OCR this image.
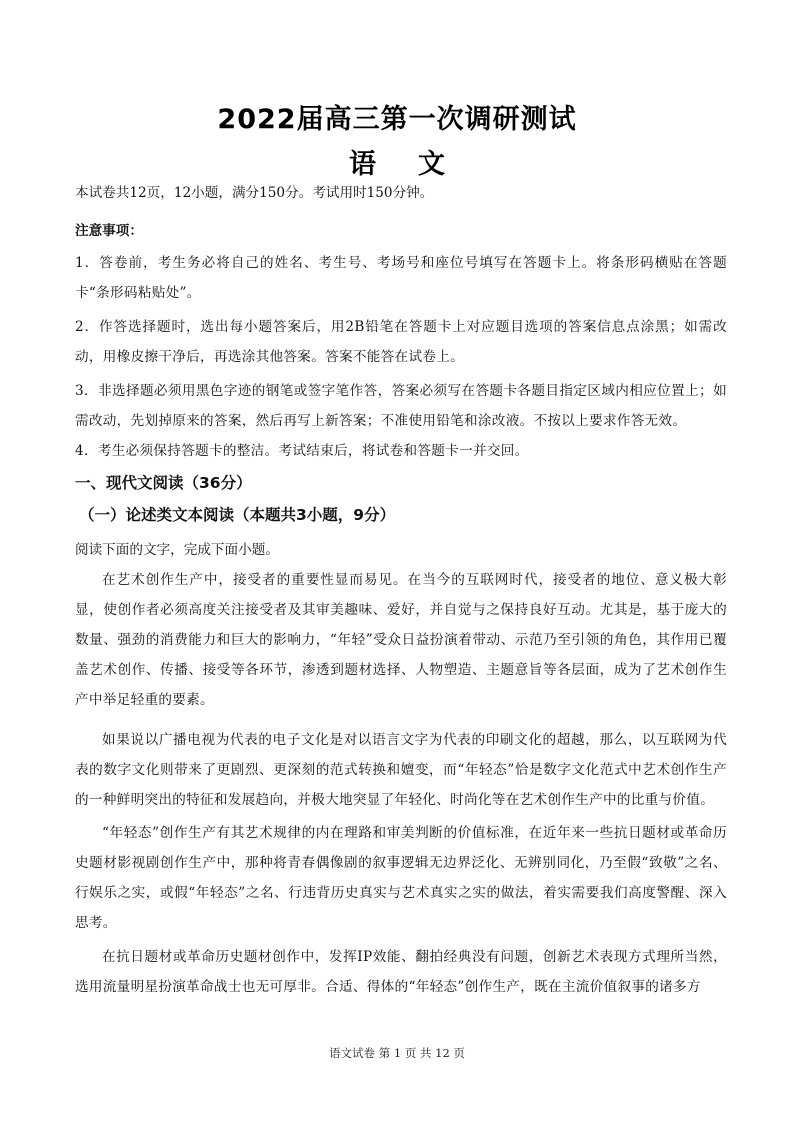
2022届高三第一次调研测试
语文
本试卷共12页，12小题，满分150分。考试用时150分钟。
注意事项：
1．答卷前，考生务必将自己的姓名、考生号、考场号和座位号填写在答题卡上。将条形码横贴在答题卡“条形码粘贴处”。
2．作答选择题时，选出每小题答案后，用2B铅笔在答题卡上对应题目选项的答案信息点涂黑；如需改动，用橡皮擦干净后，再选涂其他答案。答案不能答在试卷上。
3．非选择题必须用黑色字迹的钢笔或签字笔作答，答案必须写在答题卡各题目指定区域内相应位置上；如需改动，先划掉原来的答案，然后再写上新答案；不准使用铅笔和涂改液。不按以上要求作答无效。
4．考生必须保持答题卡的整洁。考试结束后，将试卷和答题卡一并交回。
一、现代文阅读（36分）
（一）论述类文本阅读（本题共3小题，9分）
阅读下面的文字，完成下面小题。
在艺术创作生产中，接受者的重要性显而易见。在当今的互联网时代，接受者的地位、意义极大彰显，使创作者必须高度关注接受者及其审美趣味、爱好，并自觉与之保持良好互动。尤其是，基于庞大的数量、强劲的消费能力和巨大的影响力，“年轻”受众日益扮演着带动、示范乃至引领的角色，其作用已覆盖艺术创作、传播、接受等各环节，渗透到题材选择、人物塑造、主题意旨等各层面，成为了艺术创作生产中举足轻重的要素。
如果说以广播电视为代表的电子文化是对以语言文字为代表的印刷文化的超越，那么，以互联网为代表的数字文化则带来了更剧烈、更深刻的范式转换和嬗变，而“年轻态”恰是数字文化范式中艺术创作生产的一种鲜明突出的特征和发展趋向，并极大地突显了年轻化、时尚化等在艺术创作生产中的比重与价值。
“年轻态”创作生产有其艺术规律的内在理路和审美判断的价值标准，在近年来一些抗日题材或革命历史题材影视剧创作生产中，那种将青春偶像剧的叙事逻辑无边界泛化、无辨别同化，乃至假“致敬”之名、行娱乐之实，或假“年轻态”之名、行违背历史真实与艺术真实之实的做法，着实需要我们高度警醒、深入思考。
在抗日题材或革命历史题材创作中，发挥IP效能、翻拍经典没有问题，创新艺术表现方式理所当然，选用流量明星扮演革命战士也无可厚非。合适、得体的“年轻态”创作生产，既在主流价值叙事的诸多方
语文试卷 第 1 页 共 12 页
